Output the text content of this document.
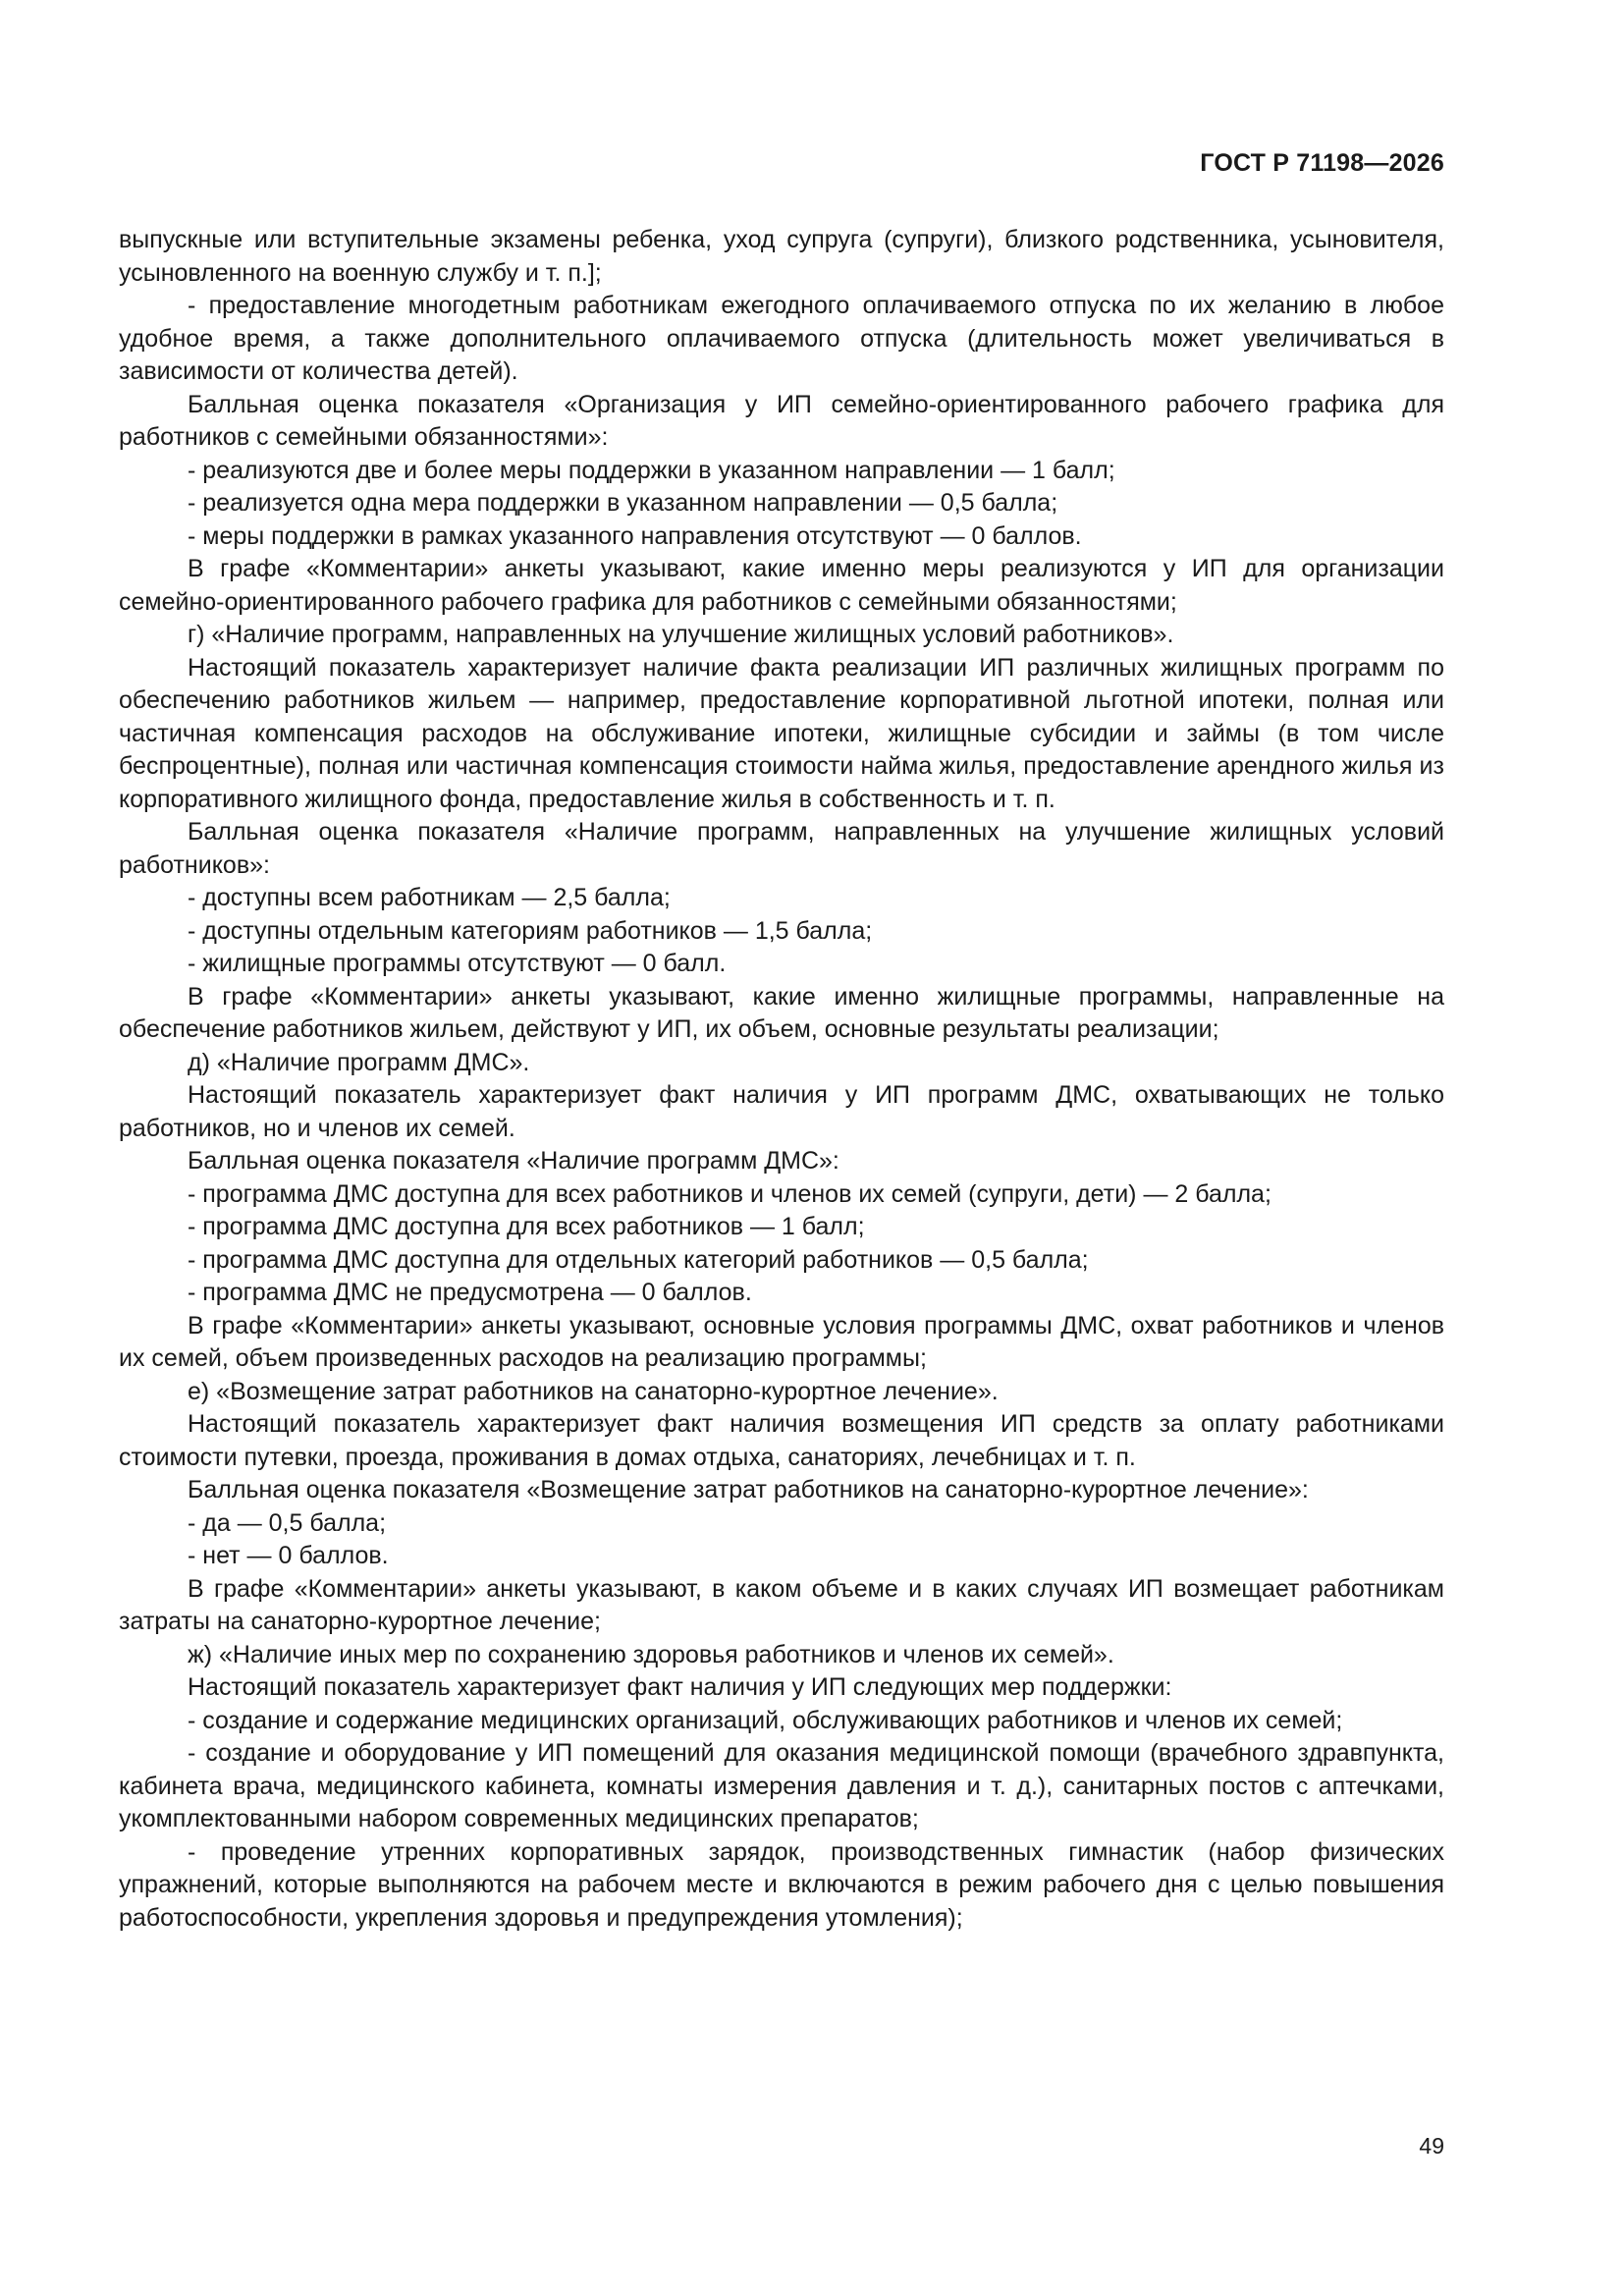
ГОСТ Р 71198—2026

выпускные или вступительные экзамены ребенка, уход супруга (супруги), близкого родственника, усыновителя, усыновленного на военную службу и т. п.];

- предоставление многодетным работникам ежегодного оплачиваемого отпуска по их желанию в любое удобное время, а также дополнительного оплачиваемого отпуска (длительность может увеличиваться в зависимости от количества детей).

Балльная оценка показателя «Организация у ИП семейно-ориентированного рабочего графика для работников с семейными обязанностями»:

- реализуются две и более меры поддержки в указанном направлении — 1 балл;

- реализуется одна мера поддержки в указанном направлении — 0,5 балла;

- меры поддержки в рамках указанного направления отсутствуют — 0 баллов.

В графе «Комментарии» анкеты указывают, какие именно меры реализуются у ИП для организации семейно-ориентированного рабочего графика для работников с семейными обязанностями;

г) «Наличие программ, направленных на улучшение жилищных условий работников».

Настоящий показатель характеризует наличие факта реализации ИП различных жилищных программ по обеспечению работников жильем — например, предоставление корпоративной льготной ипотеки, полная или частичная компенсация расходов на обслуживание ипотеки, жилищные субсидии и займы (в том числе беспроцентные), полная или частичная компенсация стоимости найма жилья, предоставление арендного жилья из корпоративного жилищного фонда, предоставление жилья в собственность и т. п.

Балльная оценка показателя «Наличие программ, направленных на улучшение жилищных условий работников»:

- доступны всем работникам — 2,5 балла;

- доступны отдельным категориям работников — 1,5 балла;

- жилищные программы отсутствуют — 0 балл.

В графе «Комментарии» анкеты указывают, какие именно жилищные программы, направленные на обеспечение работников жильем, действуют у ИП, их объем, основные результаты реализации;

д) «Наличие программ ДМС».

Настоящий показатель характеризует факт наличия у ИП программ ДМС, охватывающих не только работников, но и членов их семей.

Балльная оценка показателя «Наличие программ ДМС»:

- программа ДМС доступна для всех работников и членов их семей (супруги, дети) — 2 балла;

- программа ДМС доступна для всех работников — 1 балл;

- программа ДМС доступна для отдельных категорий работников — 0,5 балла;

- программа ДМС не предусмотрена — 0 баллов.

В графе «Комментарии» анкеты указывают, основные условия программы ДМС, охват работников и членов их семей, объем произведенных расходов на реализацию программы;

е) «Возмещение затрат работников на санаторно-курортное лечение».

Настоящий показатель характеризует факт наличия возмещения ИП средств за оплату работниками стоимости путевки, проезда, проживания в домах отдыха, санаториях, лечебницах и т. п.

Балльная оценка показателя «Возмещение затрат работников на санаторно-курортное лечение»:

- да — 0,5 балла;

- нет — 0 баллов.

В графе «Комментарии» анкеты указывают, в каком объеме и в каких случаях ИП возмещает работникам затраты на санаторно-курортное лечение;

ж) «Наличие иных мер по сохранению здоровья работников и членов их семей».

Настоящий показатель характеризует факт наличия у ИП следующих мер поддержки:

- создание и содержание медицинских организаций, обслуживающих работников и членов их семей;

- создание и оборудование у ИП помещений для оказания медицинской помощи (врачебного здравпункта, кабинета врача, медицинского кабинета, комнаты измерения давления и т. д.), санитарных постов с аптечками, укомплектованными набором современных медицинских препаратов;

- проведение утренних корпоративных зарядок, производственных гимнастик (набор физических упражнений, которые выполняются на рабочем месте и включаются в режим рабочего дня с целью повышения работоспособности, укрепления здоровья и предупреждения утомления);

49
